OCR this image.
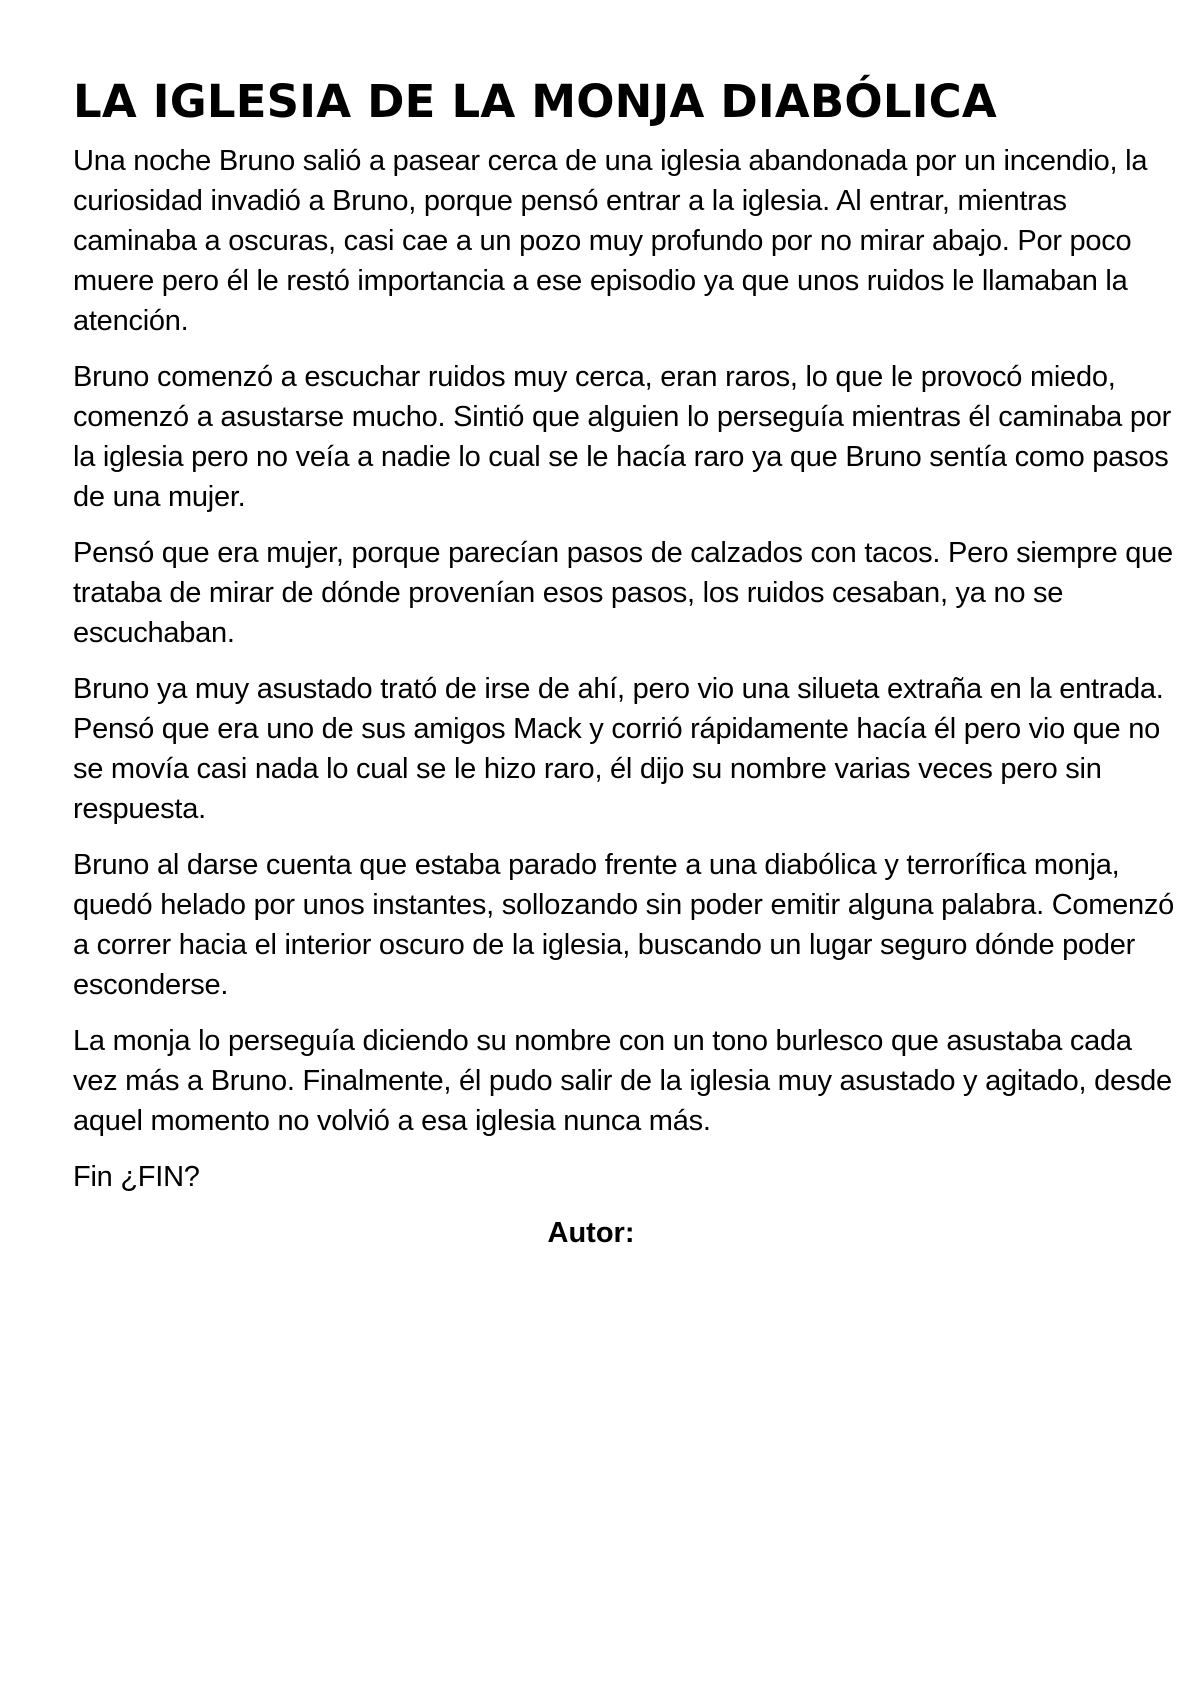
LA IGLESIA DE LA MONJA DIABÓLICA

Una noche Bruno salió a pasear cerca de una iglesia abandonada por un incendio, la curiosidad invadió a Bruno, porque pensó entrar a la iglesia. Al entrar, mientras caminaba a oscuras, casi cae a un pozo muy profundo por no mirar abajo. Por poco muere pero él le restó importancia a ese episodio ya que unos ruidos le llamaban la atención.

Bruno comenzó a escuchar ruidos muy cerca, eran raros, lo que le provocó miedo, comenzó a asustarse mucho. Sintió que alguien lo perseguía mientras él caminaba por la iglesia pero no veía a nadie lo cual se le hacía raro ya que Bruno sentía como pasos de una mujer.

Pensó que era mujer, porque parecían pasos de calzados con tacos. Pero siempre que trataba de mirar de dónde provenían esos pasos, los ruidos cesaban, ya no se escuchaban.

Bruno ya muy asustado trató de irse de ahí, pero vio una silueta extraña en la entrada. Pensó que era uno de sus amigos Mack y corrió rápidamente hacía él pero vio que no se movía casi nada lo cual se le hizo raro, él dijo su nombre varias veces pero sin respuesta.

Bruno al darse cuenta que estaba parado frente a una diabólica y terrorífica monja, quedó helado por unos instantes, sollozando sin poder emitir alguna palabra. Comenzó a correr hacia el interior oscuro de la iglesia, buscando un lugar seguro dónde poder esconderse.

La monja lo perseguía diciendo su nombre con un tono burlesco que asustaba cada vez más a Bruno. Finalmente, él pudo salir de la iglesia muy asustado y agitado, desde aquel momento no volvió a esa iglesia nunca más.

Fin ¿FIN?

Autor:
